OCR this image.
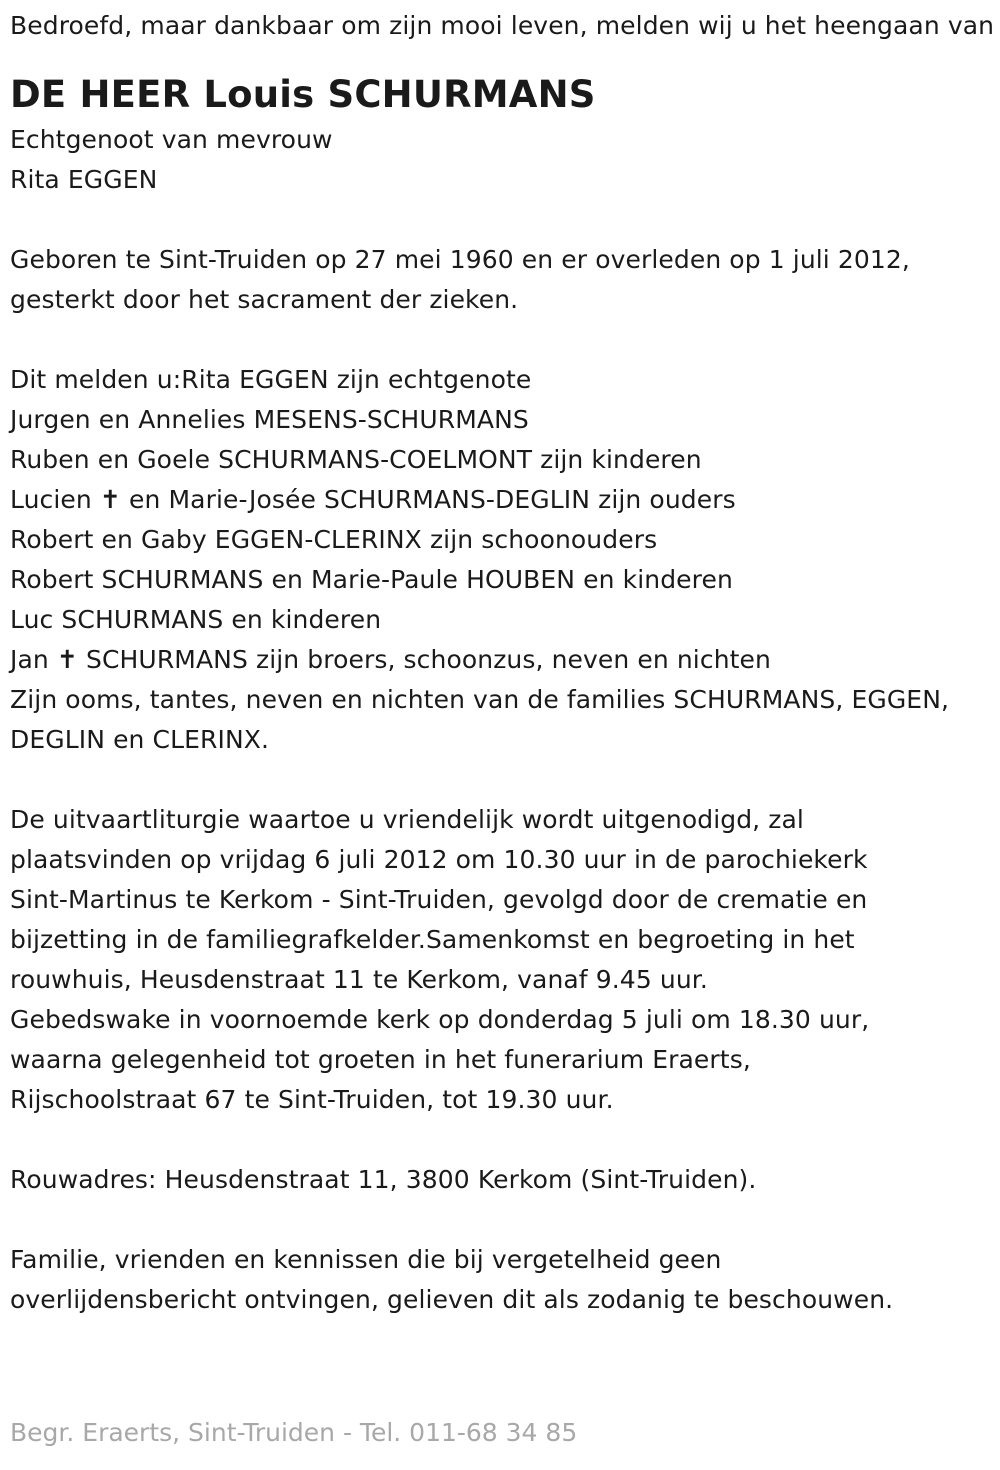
Bedroefd, maar dankbaar om zijn mooi leven, melden wij u het heengaan van
DE HEER Louis SCHURMANS
Echtgenoot van mevrouw
Rita EGGEN
Geboren te Sint-Truiden op 27 mei 1960 en er overleden op 1 juli 2012,
gesterkt door het sacrament der zieken.
Dit melden u:Rita EGGEN zijn echtgenote
Jurgen en Annelies MESENS-SCHURMANS
Ruben en Goele SCHURMANS-COELMONT zijn kinderen
Lucien ✝ en Marie-Josée SCHURMANS-DEGLIN zijn ouders
Robert en Gaby EGGEN-CLERINX zijn schoonouders
Robert SCHURMANS en Marie-Paule HOUBEN en kinderen
Luc SCHURMANS en kinderen
Jan ✝ SCHURMANS zijn broers, schoonzus, neven en nichten
Zijn ooms, tantes, neven en nichten van de families SCHURMANS, EGGEN,
DEGLIN en CLERINX.
De uitvaartliturgie waartoe u vriendelijk wordt uitgenodigd, zal
plaatsvinden op vrijdag 6 juli 2012 om 10.30 uur in de parochiekerk
Sint-Martinus te Kerkom - Sint-Truiden, gevolgd door de crematie en
bijzetting in de familiegrafkelder.Samenkomst en begroeting in het
rouwhuis, Heusdenstraat 11 te Kerkom, vanaf 9.45 uur.
Gebedswake in voornoemde kerk op donderdag 5 juli om 18.30 uur,
waarna gelegenheid tot groeten in het funerarium Eraerts,
Rijschoolstraat 67 te Sint-Truiden, tot 19.30 uur.
Rouwadres: Heusdenstraat 11, 3800 Kerkom (Sint-Truiden).
Familie, vrienden en kennissen die bij vergetelheid geen
overlijdensbericht ontvingen, gelieven dit als zodanig te beschouwen.
Begr. Eraerts, Sint-Truiden - Tel. 011-68 34 85
